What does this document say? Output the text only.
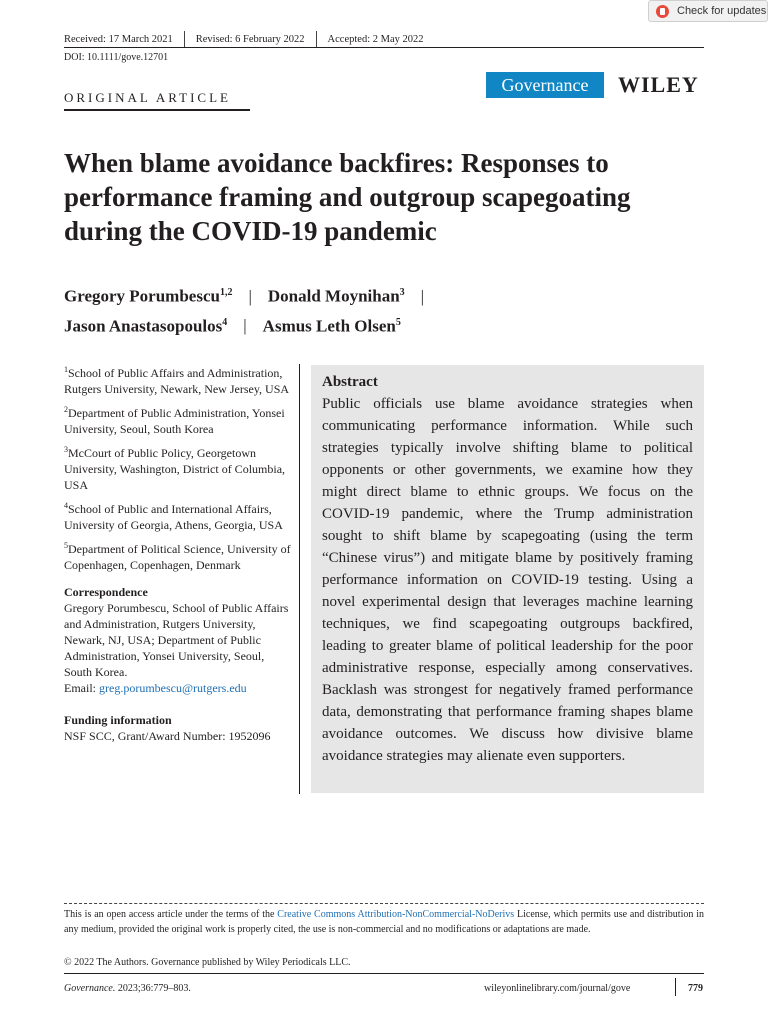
Check for updates
Received: 17 March 2021 Revised: 6 February 2022 Accepted: 2 May 2022
DOI: 10.1111/gove.12701
ORIGINAL ARTICLE
Governance	WILEY
When blame avoidance backfires: Responses to performance framing and outgroup scapegoating during the COVID-19 pandemic
Gregory Porumbescu$^{1,2}$ | Donald Moynihan$^3$ |
Jason Anastasopoulos$^4$ | Asmus Leth Olsen$^5$

$^1$School of Public Affairs and Administration, Rutgers University, Newark, New Jersey, USA

$^2$Department of Public Administration, Yonsei University, Seoul, South Korea

$^3$McCourt of Public Policy, Georgetown University, Washington, District of Columbia, USA

$^4$School of Public and International Affairs, University of Georgia, Athens, Georgia, USA

$^5$Department of Political Science, University of Copenhagen, Copenhagen, Denmark

Correspondence
Gregory Porumbescu, School of Public Affairs and Administration, Rutgers University, Newark, NJ, USA; Department of Public Administration, Yonsei University, Seoul, South Korea.
Email: greg.porumbescu@rutgers.edu
Funding information
NSF SCC, Grant/Award Number: 1952096
Abstract

Public officials use blame avoidance strategies when communicating performance information. While such strategies typically involve shifting blame to political opponents or other governments, we examine how they might direct blame to ethnic groups. We focus on the COVID-19 pandemic, where the Trump administration sought to shift blame by scapegoating (using the term “Chinese virus”) and mitigate blame by positively framing performance information on COVID-19 testing. Using a novel experimental design that leverages machine learning techniques, we find scapegoating outgroups backfired, leading to greater blame of political leadership for the poor administrative response, especially among conservatives. Backlash was strongest for negatively framed performance data, demonstrating that performance framing shapes blame avoidance outcomes. We discuss how divisive blame avoidance strategies may alienate even supporters.

This is an open access article under the terms of the Creative Commons Attribution-NonCommercial-NoDerivs License, which permits use and distribution in any medium, provided the original work is properly cited, the use is non-commercial and no modifications or adaptations are made.
© 2022 The Authors. Governance published by Wiley Periodicals LLC.
Governance. 2023;36:779–803.	wileyonlinelibrary.com/journal/gove	779
